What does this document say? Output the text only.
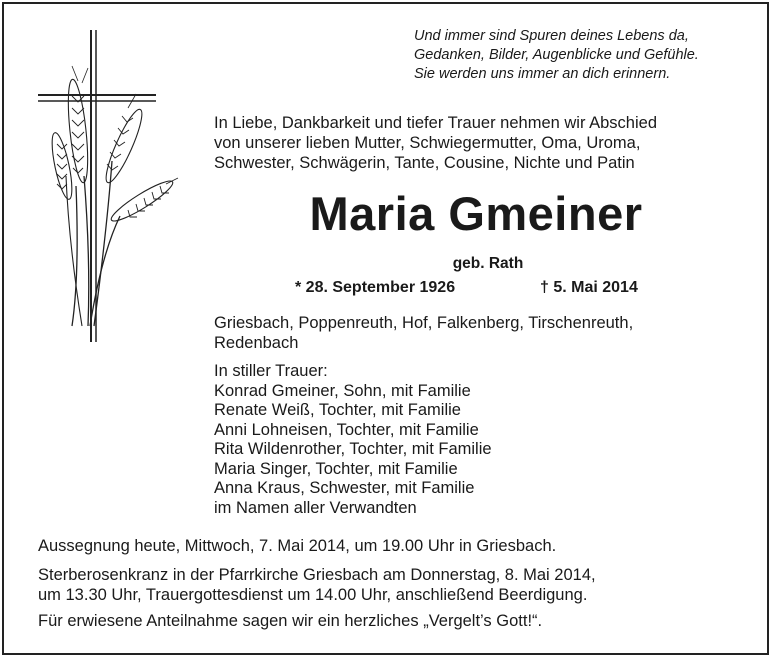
Und immer sind Spuren deines Lebens da,
Gedanken, Bilder, Augenblicke und Gefühle.
Sie werden uns immer an dich erinnern.
In Liebe, Dankbarkeit und tiefer Trauer nehmen wir Abschied
von unserer lieben Mutter, Schwiegermutter, Oma, Uroma,
Schwester, Schwägerin, Tante, Cousine, Nichte und Patin
Maria Gmeiner
geb. Rath
* 28. September 1926	† 5. Mai 2014
Griesbach, Poppenreuth, Hof, Falkenberg, Tirschenreuth,
Redenbach
In stiller Trauer:
Konrad Gmeiner, Sohn, mit Familie
Renate Weiß, Tochter, mit Familie
Anni Lohneisen, Tochter, mit Familie
Rita Wildenrother, Tochter, mit Familie
Maria Singer, Tochter, mit Familie
Anna Kraus, Schwester, mit Familie
im Namen aller Verwandten
Aussegnung heute, Mittwoch, 7. Mai 2014, um 19.00 Uhr in Griesbach.
Sterberosenkranz in der Pfarrkirche Griesbach am Donnerstag, 8. Mai 2014,
um 13.30 Uhr, Trauergottesdienst um 14.00 Uhr, anschließend Beerdigung.
Für erwiesene Anteilnahme sagen wir ein herzliches „Vergelt’s Gott!“.
